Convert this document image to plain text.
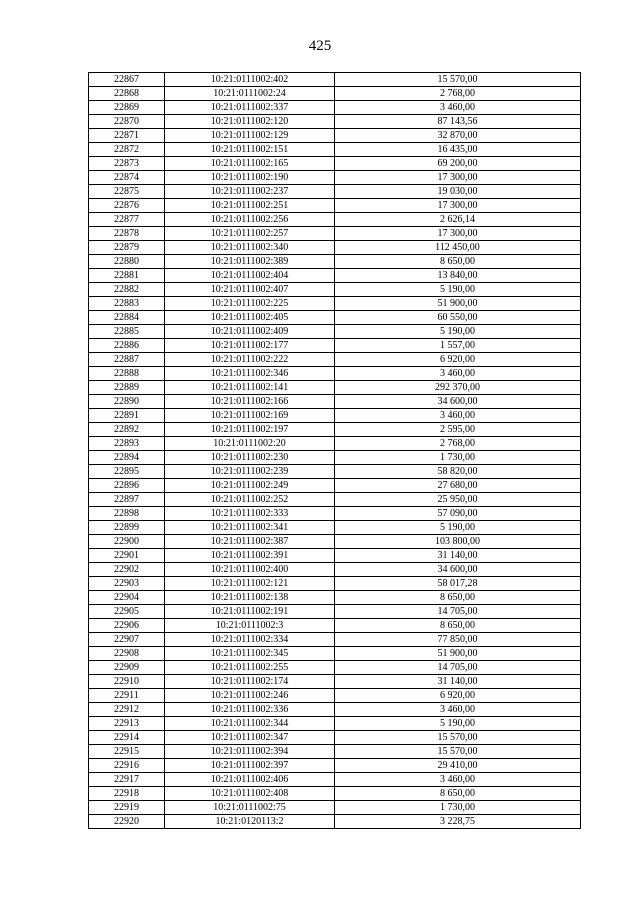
425
22867	10:21:0111002:402	15 570,00
22868	10:21:0111002:24	2 768,00
22869	10:21:0111002:337	3 460,00
22870	10:21:0111002:120	87 143,56
22871	10:21:0111002:129	32 870,00
22872	10:21:0111002:151	16 435,00
22873	10:21:0111002:165	69 200,00
22874	10:21:0111002:190	17 300,00
22875	10:21:0111002:237	19 030,00
22876	10:21:0111002:251	17 300,00
22877	10:21:0111002:256	2 626,14
22878	10:21:0111002:257	17 300,00
22879	10:21:0111002:340	112 450,00
22880	10:21:0111002:389	8 650,00
22881	10:21:0111002:404	13 840,00
22882	10:21:0111002:407	5 190,00
22883	10:21:0111002:225	51 900,00
22884	10:21:0111002:405	60 550,00
22885	10:21:0111002:409	5 190,00
22886	10:21:0111002:177	1 557,00
22887	10:21:0111002:222	6 920,00
22888	10:21:0111002:346	3 460,00
22889	10:21:0111002:141	292 370,00
22890	10:21:0111002:166	34 600,00
22891	10:21:0111002:169	3 460,00
22892	10:21:0111002:197	2 595,00
22893	10:21:0111002:20	2 768,00
22894	10:21:0111002:230	1 730,00
22895	10:21:0111002:239	58 820,00
22896	10:21:0111002:249	27 680,00
22897	10:21:0111002:252	25 950,00
22898	10:21:0111002:333	57 090,00
22899	10:21:0111002:341	5 190,00
22900	10:21:0111002:387	103 800,00
22901	10:21:0111002:391	31 140,00
22902	10:21:0111002:400	34 600,00
22903	10:21:0111002:121	58 017,28
22904	10:21:0111002:138	8 650,00
22905	10:21:0111002:191	14 705,00
22906	10:21:0111002:3	8 650,00
22907	10:21:0111002:334	77 850,00
22908	10:21:0111002:345	51 900,00
22909	10:21:0111002:255	14 705,00
22910	10:21:0111002:174	31 140,00
22911	10:21:0111002:246	6 920,00
22912	10:21:0111002:336	3 460,00
22913	10:21:0111002:344	5 190,00
22914	10:21:0111002:347	15 570,00
22915	10:21:0111002:394	15 570,00
22916	10:21:0111002:397	29 410,00
22917	10:21:0111002:406	3 460,00
22918	10:21:0111002:408	8 650,00
22919	10:21:0111002:75	1 730,00
22920	10:21:0120113:2	3 228,75
